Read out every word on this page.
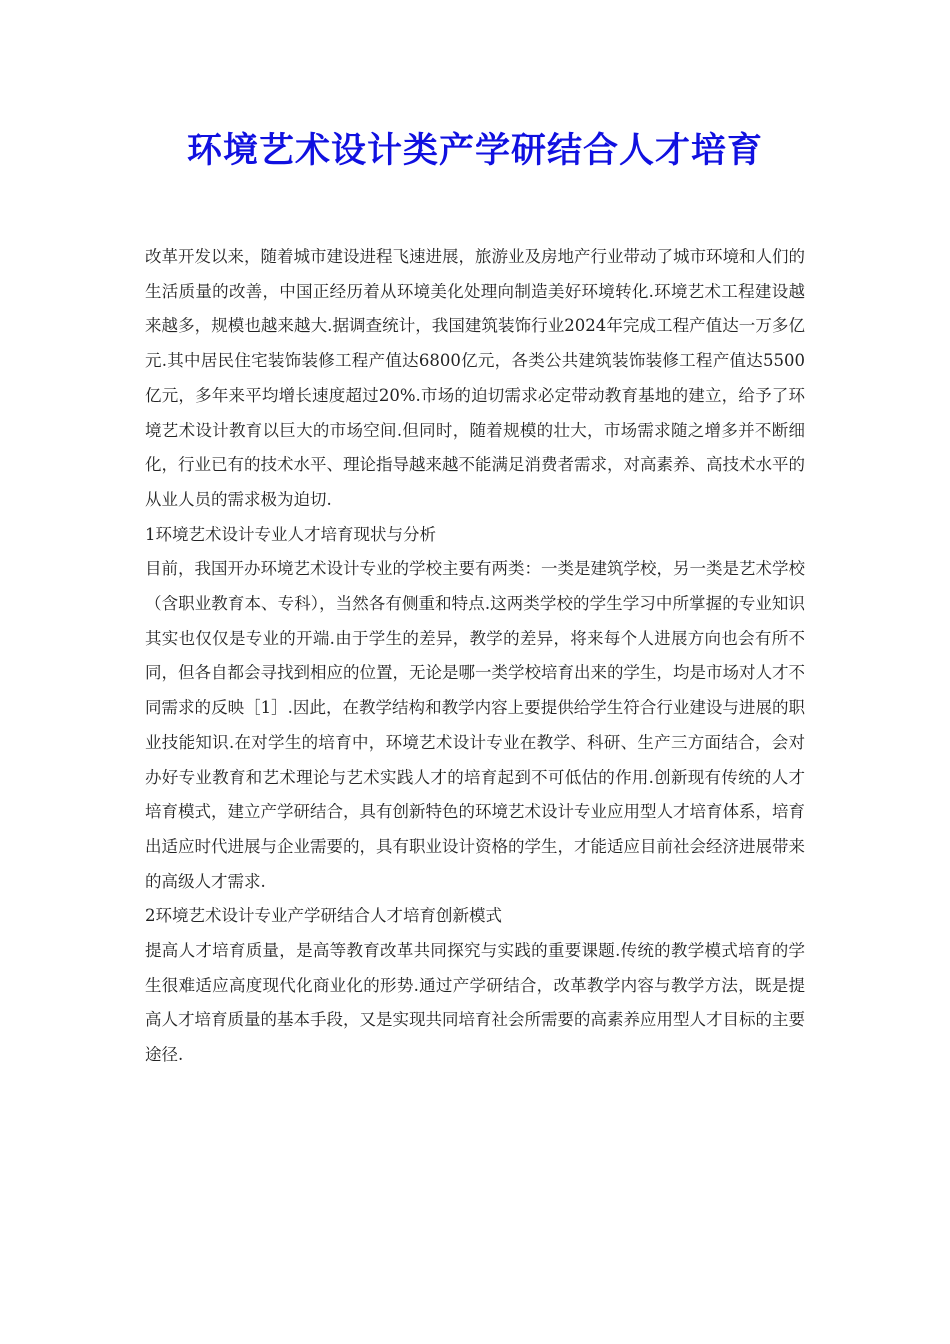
环境艺术设计类产学研结合人才培育

改革开发以来，随着城市建设进程飞速进展，旅游业及房地产行业带动了城市环境和人们的生活质量的改善，中国正经历着从环境美化处理向制造美好环境转化.环境艺术工程建设越来越多，规模也越来越大.据调查统计，我国建筑装饰行业2024年完成工程产值达一万多亿元.其中居民住宅装饰装修工程产值达6800亿元，各类公共建筑装饰装修工程产值达5500亿元，多年来平均增长速度超过20%.市场的迫切需求必定带动教育基地的建立，给予了环境艺术设计教育以巨大的市场空间.但同时，随着规模的壮大，市场需求随之增多并不断细化，行业已有的技术水平、理论指导越来越不能满足消费者需求，对高素养、高技术水平的从业人员的需求极为迫切.

1环境艺术设计专业人才培育现状与分析

目前，我国开办环境艺术设计专业的学校主要有两类：一类是建筑学校，另一类是艺术学校（含职业教育本、专科），当然各有侧重和特点.这两类学校的学生学习中所掌握的专业知识其实也仅仅是专业的开端.由于学生的差异，教学的差异，将来每个人进展方向也会有所不同，但各自都会寻找到相应的位置，无论是哪一类学校培育出来的学生，均是市场对人才不同需求的反映［1］.因此，在教学结构和教学内容上要提供给学生符合行业建设与进展的职业技能知识.在对学生的培育中，环境艺术设计专业在教学、科研、生产三方面结合，会对办好专业教育和艺术理论与艺术实践人才的培育起到不可低估的作用.创新现有传统的人才培育模式，建立产学研结合，具有创新特色的环境艺术设计专业应用型人才培育体系，培育出适应时代进展与企业需要的，具有职业设计资格的学生，才能适应目前社会经济进展带来的高级人才需求.

2环境艺术设计专业产学研结合人才培育创新模式

提高人才培育质量，是高等教育改革共同探究与实践的重要课题.传统的教学模式培育的学生很难适应高度现代化商业化的形势.通过产学研结合，改革教学内容与教学方法，既是提高人才培育质量的基本手段，又是实现共同培育社会所需要的高素养应用型人才目标的主要途径.
